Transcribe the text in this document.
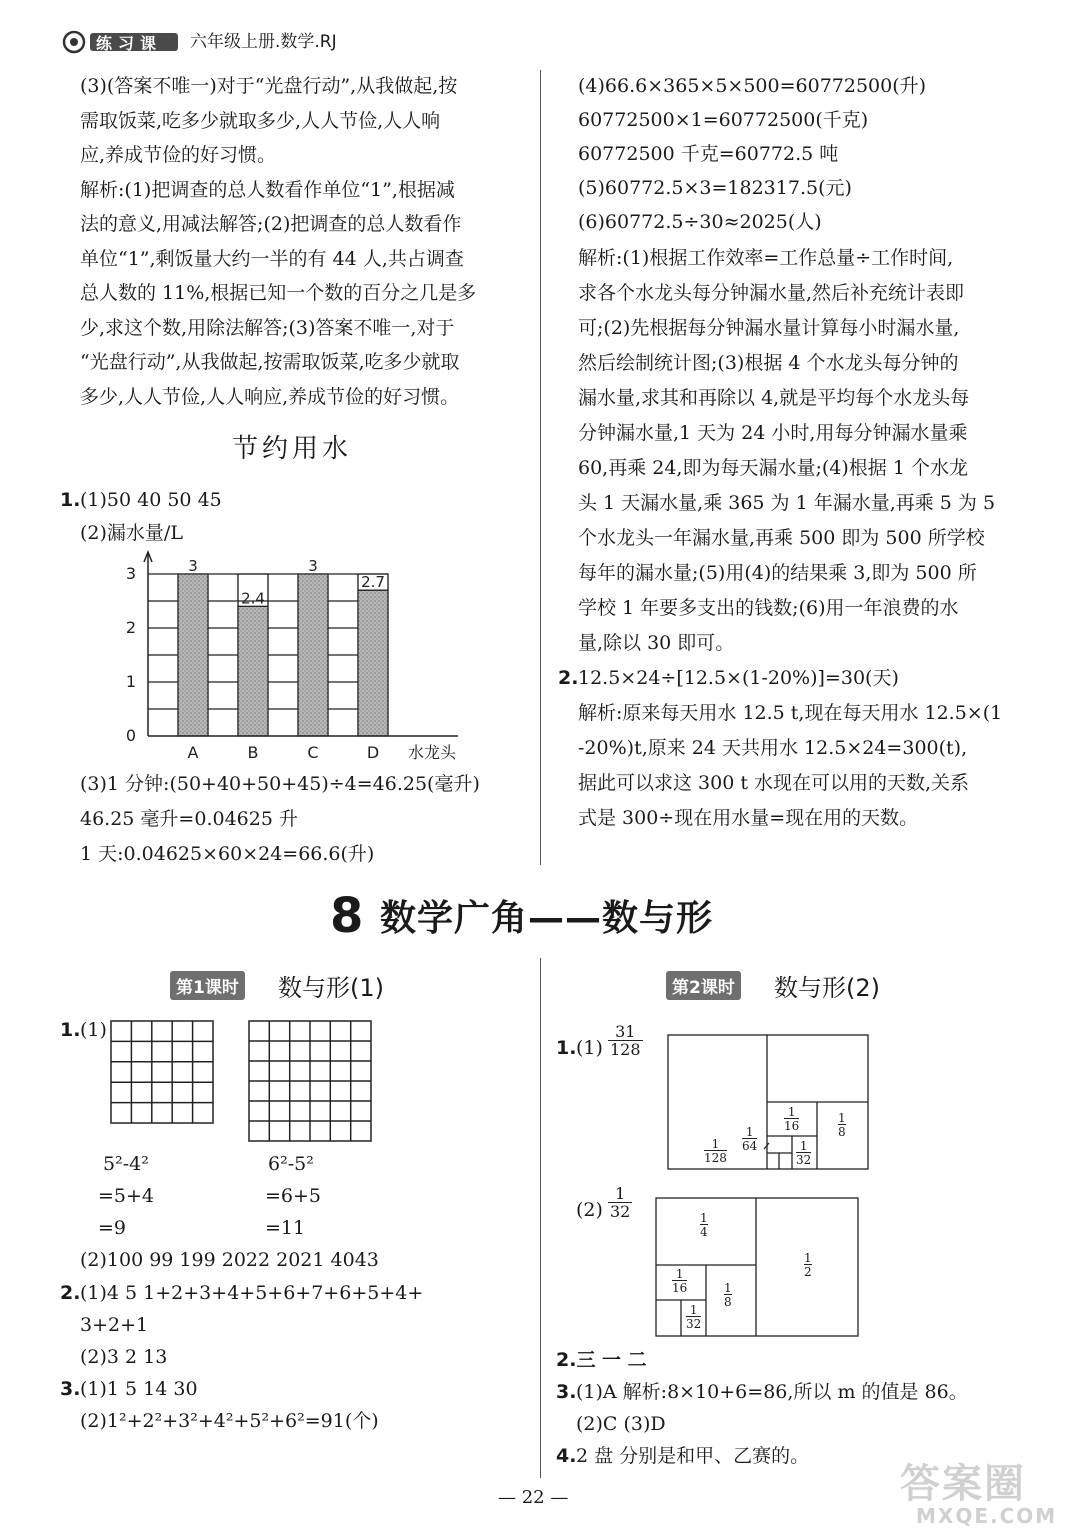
练习课 六年级上册.数学.RJ
(3)(答案不唯一)对于“光盘行动”,从我做起,按
需取饭菜,吃多少就取多少,人人节俭,人人响
应,养成节俭的好习惯。
解析:(1)把调查的总人数看作单位“1”,根据减
法的意义,用减法解答;(2)把调查的总人数看作
单位“1”,剩饭量大约一半的有 44 人,共占调查
总人数的 11%,根据已知一个数的百分之几是多
少,求这个数,用除法解答;(3)答案不唯一,对于
“光盘行动”,从我做起,按需取饭菜,吃多少就取
多少,人人节俭,人人响应,养成节俭的好习惯。
节约用水
1. (1)50 40 50 45
(2)漏水量/L
3
A
2.4
B
3
C
2.7
D
0
1
2
3
水龙头
(3)1 分钟:(50+40+50+45)÷4=46.25(毫升)
46.25 毫升=0.04625 升
1 天:0.04625×60×24=66.6(升)
(4)66.6×365×5×500=60772500(升)
60772500×1=60772500(千克)
60772500 千克=60772.5 吨
(5)60772.5×3=182317.5(元)
(6)60772.5÷30≈2025(人)
解析:(1)根据工作效率=工作总量÷工作时间,
求各个水龙头每分钟漏水量,然后补充统计表即
可;(2)先根据每分钟漏水量计算每小时漏水量,
然后绘制统计图;(3)根据 4 个水龙头每分钟的
漏水量,求其和再除以 4,就是平均每个水龙头每
分钟漏水量,1 天为 24 小时,用每分钟漏水量乘
60,再乘 24,即为每天漏水量;(4)根据 1 个水龙
头 1 天漏水量,乘 365 为 1 年漏水量,再乘 5 为 5
个水龙头一年漏水量,再乘 500 即为 500 所学校
每年的漏水量;(5)用(4)的结果乘 3,即为 500 所
学校 1 年要多支出的钱数;(6)用一年浪费的水
量,除以 30 即可。
2. 12.5×24÷[12.5×(1-20%)]=30(天)
解析:原来每天用水 12.5 t,现在每天用水 12.5×(1
-20%)t,原来 24 天共用水 12.5×24=300(t),
据此可以求这 300 t 水现在可以用的天数,关系
式是 300÷现在用水量=现在用的天数。
8 数学广角——数与形
第1课时 数与形(1)
1. (1)
5²-4²
=5+4
=9
6²-5²
=6+5
=11
(2)100 99 199 2022 2021 4043
2. (1)4 5 1+2+3+4+5+6+7+6+5+4+
3+2+1
(2)3 2 13
3. (1)1 5 14 30
(2)1²+2²+3²+4²+5²+6²=91(个)
第2课时 数与形(2)
1. $(1) \frac{31}{128}$
$\frac{1}{16}$	$\frac{1}{8}$
$\frac{1}{64}$
$\frac{1}{128}$	$\frac{1}{32}$
$(2) \frac{1}{32}$
$\frac{1}{4}$
$\frac{1}{2}$
$\frac{1}{16}$
$\frac{1}{8}$
$\frac{1}{32}$
2.三 一 二
3. (1)A 解析:8×10+6=86,所以 m 的值是 86。
(2)C (3)D
4. 2 盘 分别是和甲、乙赛的。
— 22 —	答案圈
MXQE.COM
